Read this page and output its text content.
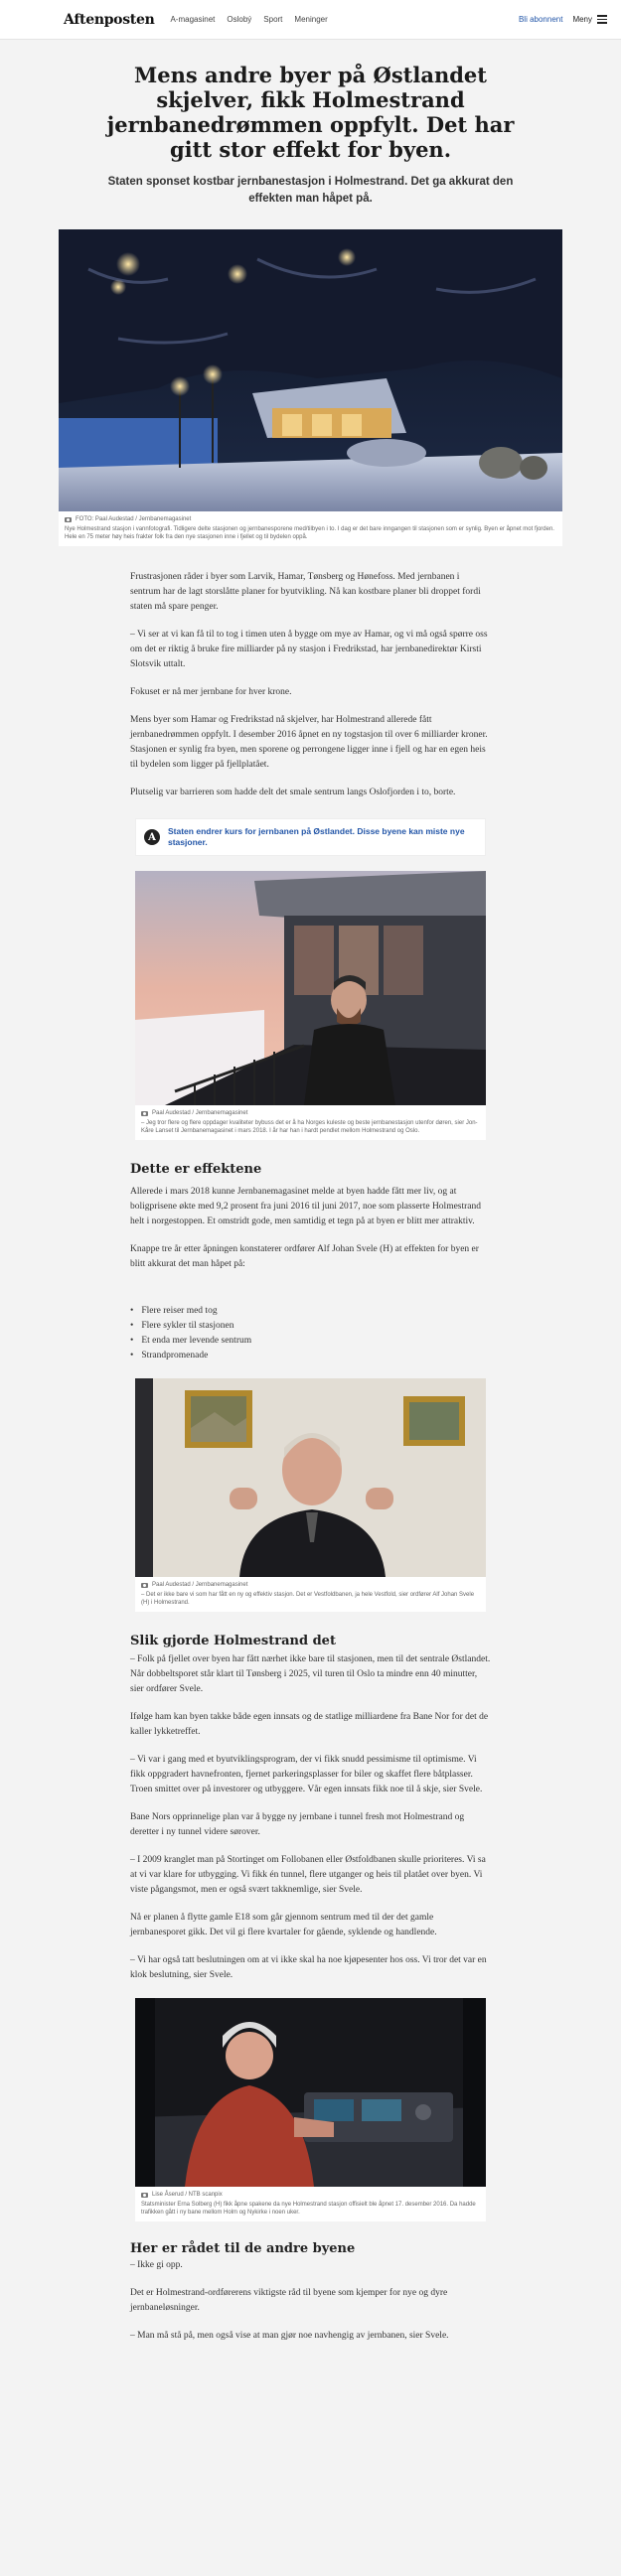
Aftenposten A-magasinet Oslobý Sport Meninger	Bli abonnent Meny
Mens andre byer på Østlandet skjelver, fikk Holmestrand jernbanedrømmen oppfylt. Det har gitt stor effekt for byen.

Staten sponset kostbar jernbanestasjon i Holmestrand. Det ga akkurat den effekten man håpet på.

FOTO: Paal Audestad / Jernbanemagasinet
Nye Holmestrand stasjon i vannfotografi. Tidligere delte stasjonen og jernbanesporene med/tilbyen i to. I dag er det bare inngangen til stasjonen som er synlig. Byen er åpnet mot fjorden. Hele en 75 meter høy heis frakter folk fra den nye stasjonen inne i fjellet og til bydelen oppå.

Frustrasjonen råder i byer som Larvik, Hamar, Tønsberg og Hønefoss. Med jernbanen i sentrum har de lagt storslåtte planer for byutvikling. Nå kan kostbare planer bli droppet fordi staten må spare penger.

– Vi ser at vi kan få til to tog i timen uten å bygge om mye av Hamar, og vi må også spørre oss om det er riktig å bruke fire milliarder på ny stasjon i Fredrikstad, har jernbanedirektør Kirsti Slotsvik uttalt.

Fokuset er nå mer jernbane for hver krone.

Mens byer som Hamar og Fredrikstad nå skjelver, har Holmestrand allerede fått jernbanedrømmen oppfylt. I desember 2016 åpnet en ny togstasjon til over 6 milliarder kroner. Stasjonen er synlig fra byen, men sporene og perrongene ligger inne i fjell og har en egen heis til bydelen som ligger på fjellplatået.

Plutselig var barrieren som hadde delt det smale sentrum langs Oslofjorden i to, borte.

A
Staten endrer kurs for jernbanen på Østlandet. Disse byene kan miste nye stasjoner.
Paal Audestad / Jernbanemagasinet
– Jeg tror flere og flere oppdager kvaliteter bybuss det er å ha Norges kuleste og beste jernbanestasjon utenfor døren, sier Jon-Kåre Lanset til Jernbanemagasinet i mars 2018. I år har han i hardt pendlet mellom Holmestrand og Oslo.
Dette er effektene

Allerede i mars 2018 kunne Jernbanemagasinet melde at byen hadde fått mer liv, og at boligprisene økte med 9,2 prosent fra juni 2016 til juni 2017, noe som plasserte Holmestrand helt i norgestoppen. Et omstridt gode, men samtidig et tegn på at byen er blitt mer attraktiv.

Knappe tre år etter åpningen konstaterer ordfører Alf Johan Svele (H) at effekten for byen er blitt akkurat det man håpet på:

• Flere reiser med tog
• Flere sykler til stasjonen
• Et enda mer levende sentrum
• Strandpromenade
Paal Audestad / Jernbanemagasinet
– Det er ikke bare vi som har fått en ny og effektiv stasjon. Det er Vestfoldbanen, ja hele Vestfold, sier ordfører Alf Johan Svele (H) i Holmestrand.
Slik gjorde Holmestrand det

– Folk på fjellet over byen har fått nærhet ikke bare til stasjonen, men til det sentrale Østlandet. Når dobbeltsporet står klart til Tønsberg i 2025, vil turen til Oslo ta mindre enn 40 minutter, sier ordfører Svele.

Ifølge ham kan byen takke både egen innsats og de statlige milliardene fra Bane Nor for det de kaller lykketreffet.

– Vi var i gang med et byutviklingsprogram, der vi fikk snudd pessimisme til optimisme. Vi fikk oppgradert havnefronten, fjernet parkeringsplasser for biler og skaffet flere båtplasser. Troen smittet over på investorer og utbyggere. Vår egen innsats fikk noe til å skje, sier Svele.

Bane Nors opprinnelige plan var å bygge ny jernbane i tunnel fresh mot Holmestrand og deretter i ny tunnel videre sørover.

– I 2009 kranglet man på Stortinget om Follobanen eller Østfoldbanen skulle prioriteres. Vi sa at vi var klare for utbygging. Vi fikk én tunnel, flere utganger og heis til platået over byen. Vi viste pågangsmot, men er også svært takknemlige, sier Svele.

Nå er planen å flytte gamle E18 som går gjennom sentrum med til der det gamle jernbanesporet gikk. Det vil gi flere kvartaler for gående, syklende og handlende.

– Vi har også tatt beslutningen om at vi ikke skal ha noe kjøpesenter hos oss. Vi tror det var en klok beslutning, sier Svele.

Lise Åserud / NTB scanpix
Statsminister Erna Solberg (H) fikk åpne spakene da nye Holmestrand stasjon offisielt ble åpnet 17. desember 2016. Da hadde trafikken gått i ny bane mellom Holm og Nykirke i noen uker.
Her er rådet til de andre byene

– Ikke gi opp.

Det er Holmestrand-ordførerens viktigste råd til byene som kjemper for nye og dyre jernbaneløsninger.

– Man må stå på, men også vise at man gjør noe navhengig av jernbanen, sier Svele.
